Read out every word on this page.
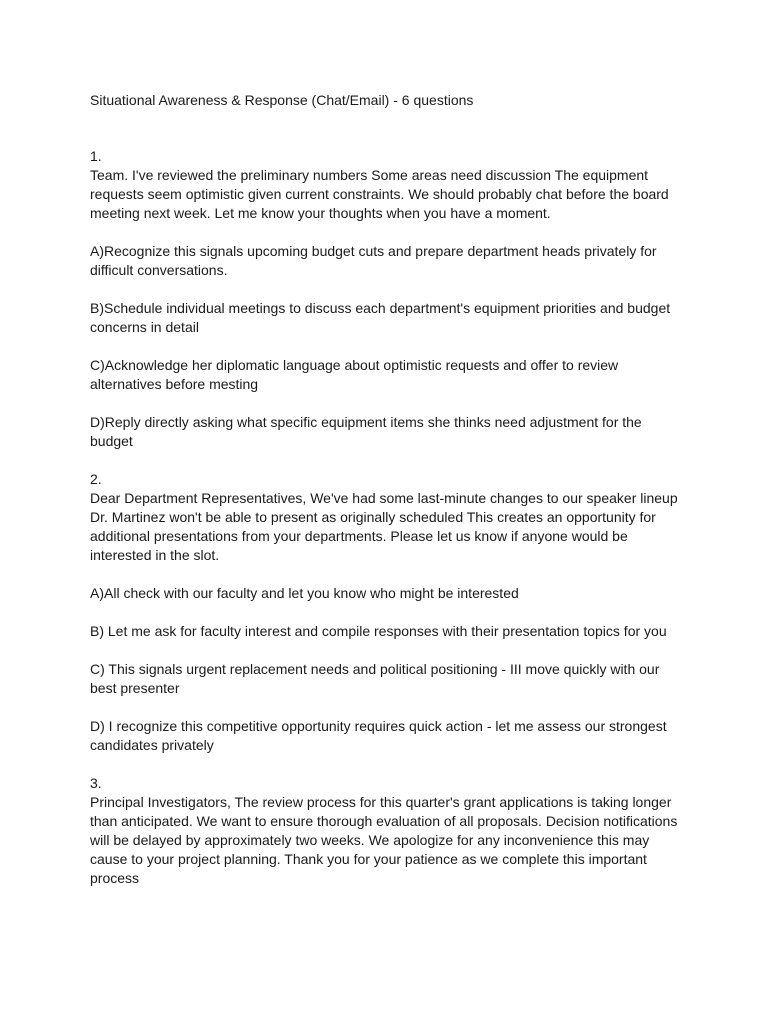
Situational Awareness & Response (Chat/Email) - 6 questions

1.
Team. I've reviewed the preliminary numbers Some areas need discussion The equipment requests seem optimistic given current constraints. We should probably chat before the board meeting next week. Let me know your thoughts when you have a moment.
A)Recognize this signals upcoming budget cuts and prepare department heads privately for difficult conversations.
B)Schedule individual meetings to discuss each department's equipment priorities and budget concerns in detail
C)Acknowledge her diplomatic language about optimistic requests and offer to review alternatives before mesting
D)Reply directly asking what specific equipment items she thinks need adjustment for the budget
2.
Dear Department Representatives, We've had some last-minute changes to our speaker lineup Dr. Martinez won't be able to present as originally scheduled This creates an opportunity for additional presentations from your departments. Please let us know if anyone would be interested in the slot.
A)All check with our faculty and let you know who might be interested
B) Let me ask for faculty interest and compile responses with their presentation topics for you
C) This signals urgent replacement needs and political positioning - III move quickly with our best presenter
D) I recognize this competitive opportunity requires quick action - let me assess our strongest candidates privately
3.
Principal Investigators, The review process for this quarter's grant applications is taking longer than anticipated. We want to ensure thorough evaluation of all proposals. Decision notifications will be delayed by approximately two weeks. We apologize for any inconvenience this may cause to your project planning. Thank you for your patience as we complete this important process
